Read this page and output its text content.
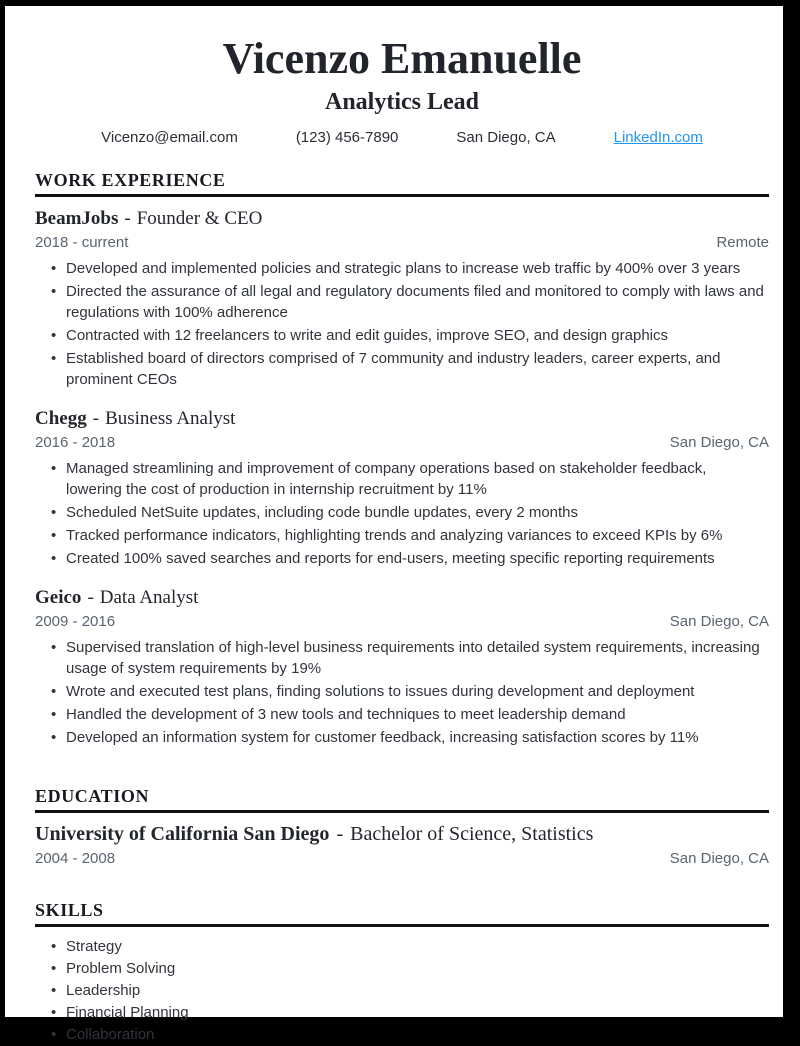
Vicenzo Emanuelle
Analytics Lead
Vicenzo@email.com	(123) 456-7890	San Diego, CA	LinkedIn.com
WORK EXPERIENCE
BeamJobs - Founder & CEO
2018 - current	Remote
• Developed and implemented policies and strategic plans to increase web traffic by 400% over 3 years
• Directed the assurance of all legal and regulatory documents filed and monitored to comply with laws and regulations with 100% adherence
• Contracted with 12 freelancers to write and edit guides, improve SEO, and design graphics
• Established board of directors comprised of 7 community and industry leaders, career experts, and prominent CEOs
Chegg - Business Analyst
2016 - 2018	San Diego, CA
• Managed streamlining and improvement of company operations based on stakeholder feedback, lowering the cost of production in internship recruitment by 11%
• Scheduled NetSuite updates, including code bundle updates, every 2 months
• Tracked performance indicators, highlighting trends and analyzing variances to exceed KPIs by 6%
• Created 100% saved searches and reports for end-users, meeting specific reporting requirements
Geico - Data Analyst
2009 - 2016	San Diego, CA
• Supervised translation of high-level business requirements into detailed system requirements, increasing usage of system requirements by 19%
• Wrote and executed test plans, finding solutions to issues during development and deployment
• Handled the development of 3 new tools and techniques to meet leadership demand
• Developed an information system for customer feedback, increasing satisfaction scores by 11%
EDUCATION
University of California San Diego - Bachelor of Science, Statistics
2004 - 2008	San Diego, CA
SKILLS
• Strategy
• Problem Solving
• Leadership
• Financial Planning
• Collaboration
